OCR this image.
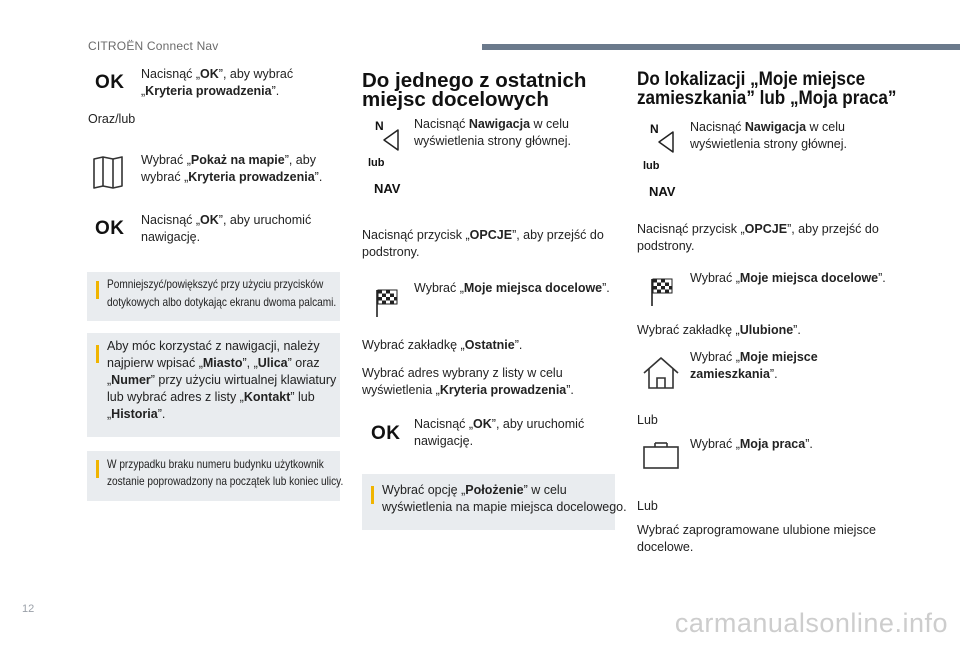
CITROËN Connect Nav
OK Nacisnąć „OK”, aby wybrać „Kryteria prowadzenia”.
Oraz/lub
Wybrać „Pokaż na mapie”, aby wybrać „Kryteria prowadzenia”.
OK Nacisnąć „OK”, aby uruchomić nawigację.
Pomniejszyć/powiększyć przy użyciu przycisków
dotykowych albo dotykając ekranu dwoma palcami.
Aby móc korzystać z nawigacji, należy
najpierw wpisać „Miasto”, „Ulica” oraz
„Numer” przy użyciu wirtualnej klawiatury
lub wybrać adres z listy „Kontakt” lub
„Historia”.
W przypadku braku numeru budynku użytkownik
zostanie poprowadzony na początek lub koniec ulicy.
Do jednego z ostatnich
miejsc docelowych
N
lub
NAV
Nacisnąć Nawigacja w celu wyświetlenia strony głównej.
Nacisnąć przycisk „OPCJE”, aby przejść do podstrony.
Wybrać „Moje miejsca docelowe”.
Wybrać zakładkę „Ostatnie”.
Wybrać adres wybrany z listy w celu wyświetlenia „Kryteria prowadzenia”.
OK Nacisnąć „OK”, aby uruchomić nawigację.
Wybrać opcję „Położenie” w celu
wyświetlenia na mapie miejsca docelowego.
Do lokalizacji „Moje miejsce
zamieszkania” lub „Moja praca”
N
lub
NAV
Nacisnąć Nawigacja w celu wyświetlenia strony głównej.
Nacisnąć przycisk „OPCJE”, aby przejść do podstrony.
Wybrać „Moje miejsca docelowe”.
Wybrać zakładkę „Ulubione”.
Wybrać „Moje miejsce zamieszkania”.
Lub
Wybrać „Moja praca”.
Lub
Wybrać zaprogramowane ulubione miejsce docelowe.
12	carmanualsonline.info
